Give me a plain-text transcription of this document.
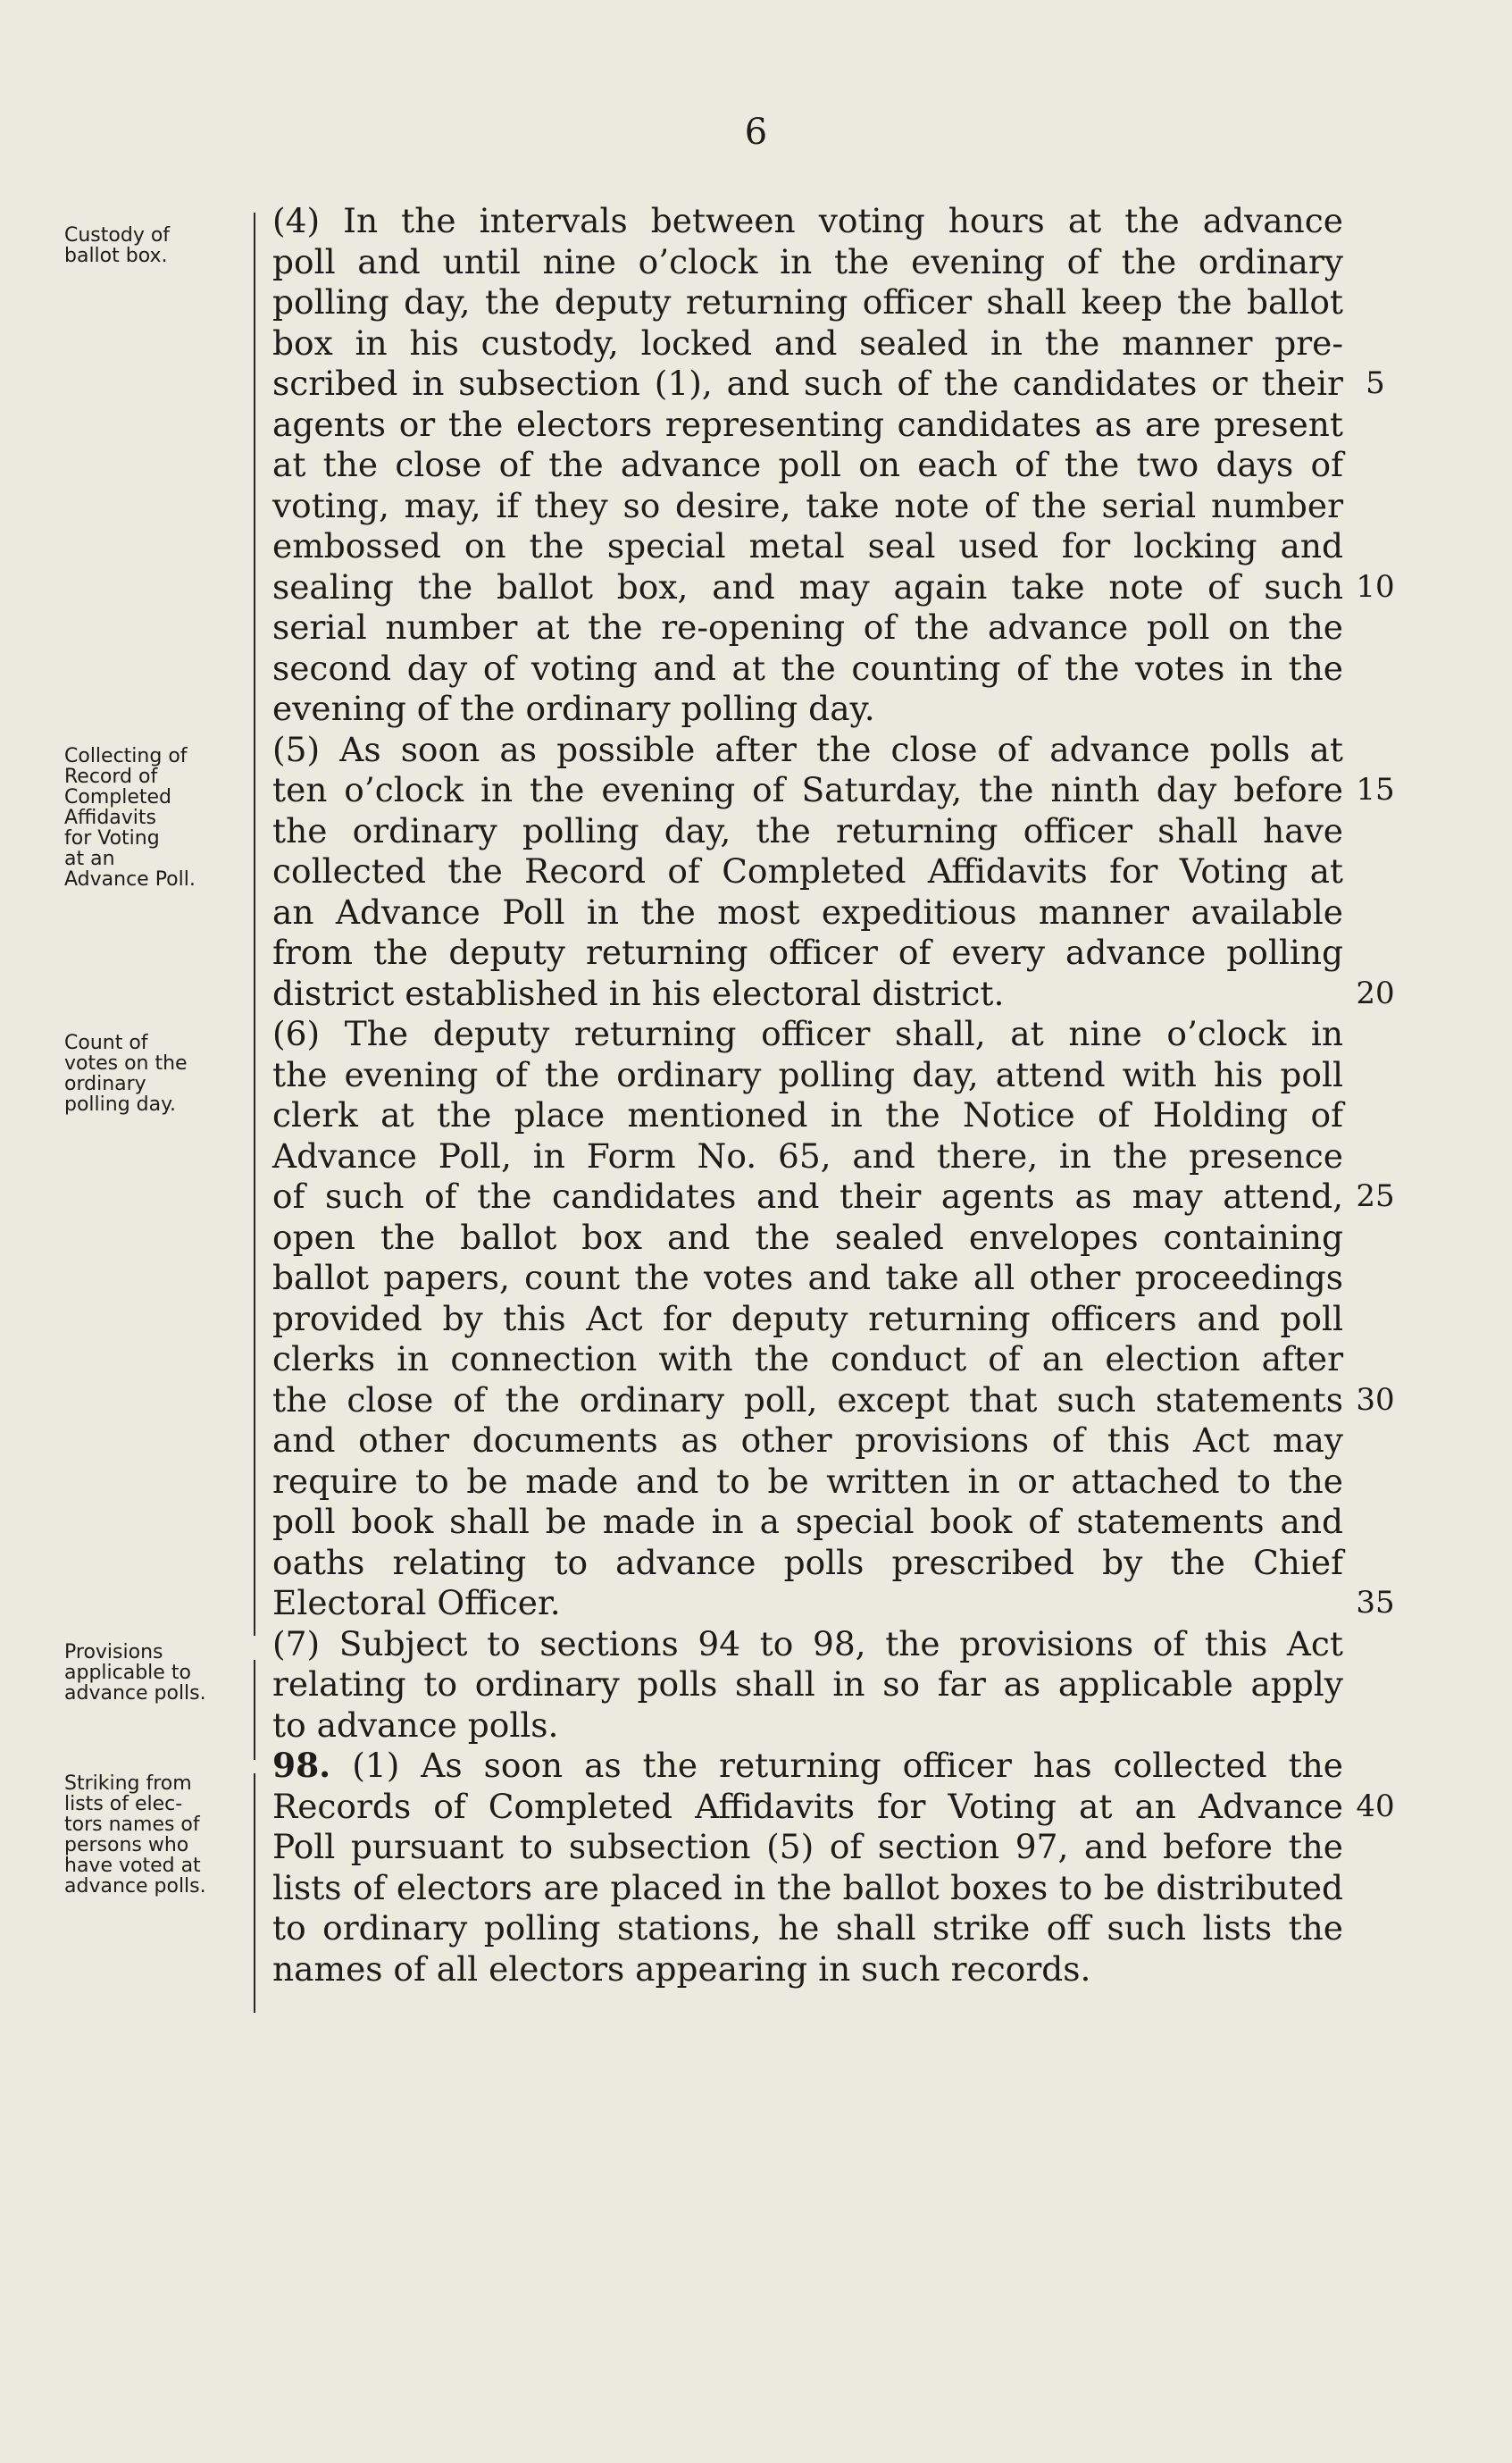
6
Custody of
ballot box.
Collecting of
Record of
Completed
Affidavits
for Voting
at an
Advance Poll.
Count of
votes on the
ordinary
polling day.
Provisions
applicable to
advance polls.
Striking from
lists of elec-
tors names of
persons who
have voted at
advance polls.
(4) In the intervals between voting hours at the advance
poll and until nine o’clock in the evening of the ordinary
polling day, the deputy returning officer shall keep the ballot
box in his custody, locked and sealed in the manner pre-
scribed in subsection (1), and such of the candidates or their
agents or the electors representing candidates as are present
at the close of the advance poll on each of the two days of
voting, may, if they so desire, take note of the serial number
embossed on the special metal seal used for locking and
sealing the ballot box, and may again take note of such
serial number at the re-opening of the advance poll on the
second day of voting and at the counting of the votes in the
evening of the ordinary polling day.
(5) As soon as possible after the close of advance polls at
ten o’clock in the evening of Saturday, the ninth day before
the ordinary polling day, the returning officer shall have
collected the Record of Completed Affidavits for Voting at
an Advance Poll in the most expeditious manner available
from the deputy returning officer of every advance polling
district established in his electoral district.
(6) The deputy returning officer shall, at nine o’clock in
the evening of the ordinary polling day, attend with his poll
clerk at the place mentioned in the Notice of Holding of
Advance Poll, in Form No. 65, and there, in the presence
of such of the candidates and their agents as may attend,
open the ballot box and the sealed envelopes containing
ballot papers, count the votes and take all other proceedings
provided by this Act for deputy returning officers and poll
clerks in connection with the conduct of an election after
the close of the ordinary poll, except that such statements
and other documents as other provisions of this Act may
require to be made and to be written in or attached to the
poll book shall be made in a special book of statements and
oaths relating to advance polls prescribed by the Chief
Electoral Officer.
(7) Subject to sections 94 to 98, the provisions of this Act
relating to ordinary polls shall in so far as applicable apply
to advance polls.
98. (1) As soon as the returning officer has collected the
Records of Completed Affidavits for Voting at an Advance
Poll pursuant to subsection (5) of section 97, and before the
lists of electors are placed in the ballot boxes to be distributed
to ordinary polling stations, he shall strike off such lists the
names of all electors appearing in such records.
5
10
15
20
25
30
35
40
